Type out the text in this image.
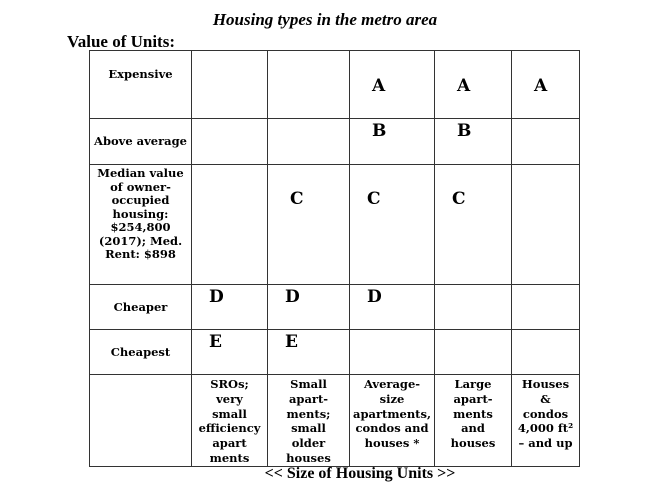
Housing types in the metro area
Value of Units:
Expensive			A	A	A

Above average			B	B	

Median value of owner-occupied housing: $254,800 (2017); Med. Rent: $898		C	C	C	

Cheaper	D	D	D		

Cheapest	E	E			

	SROs; very small efficiency apart ments	Small apart-ments; small older houses	Average-size apartments, condos and houses *	Large apart-ments and houses	Houses & condos 4,000 ft² – and up
<< Size of Housing Units >>
